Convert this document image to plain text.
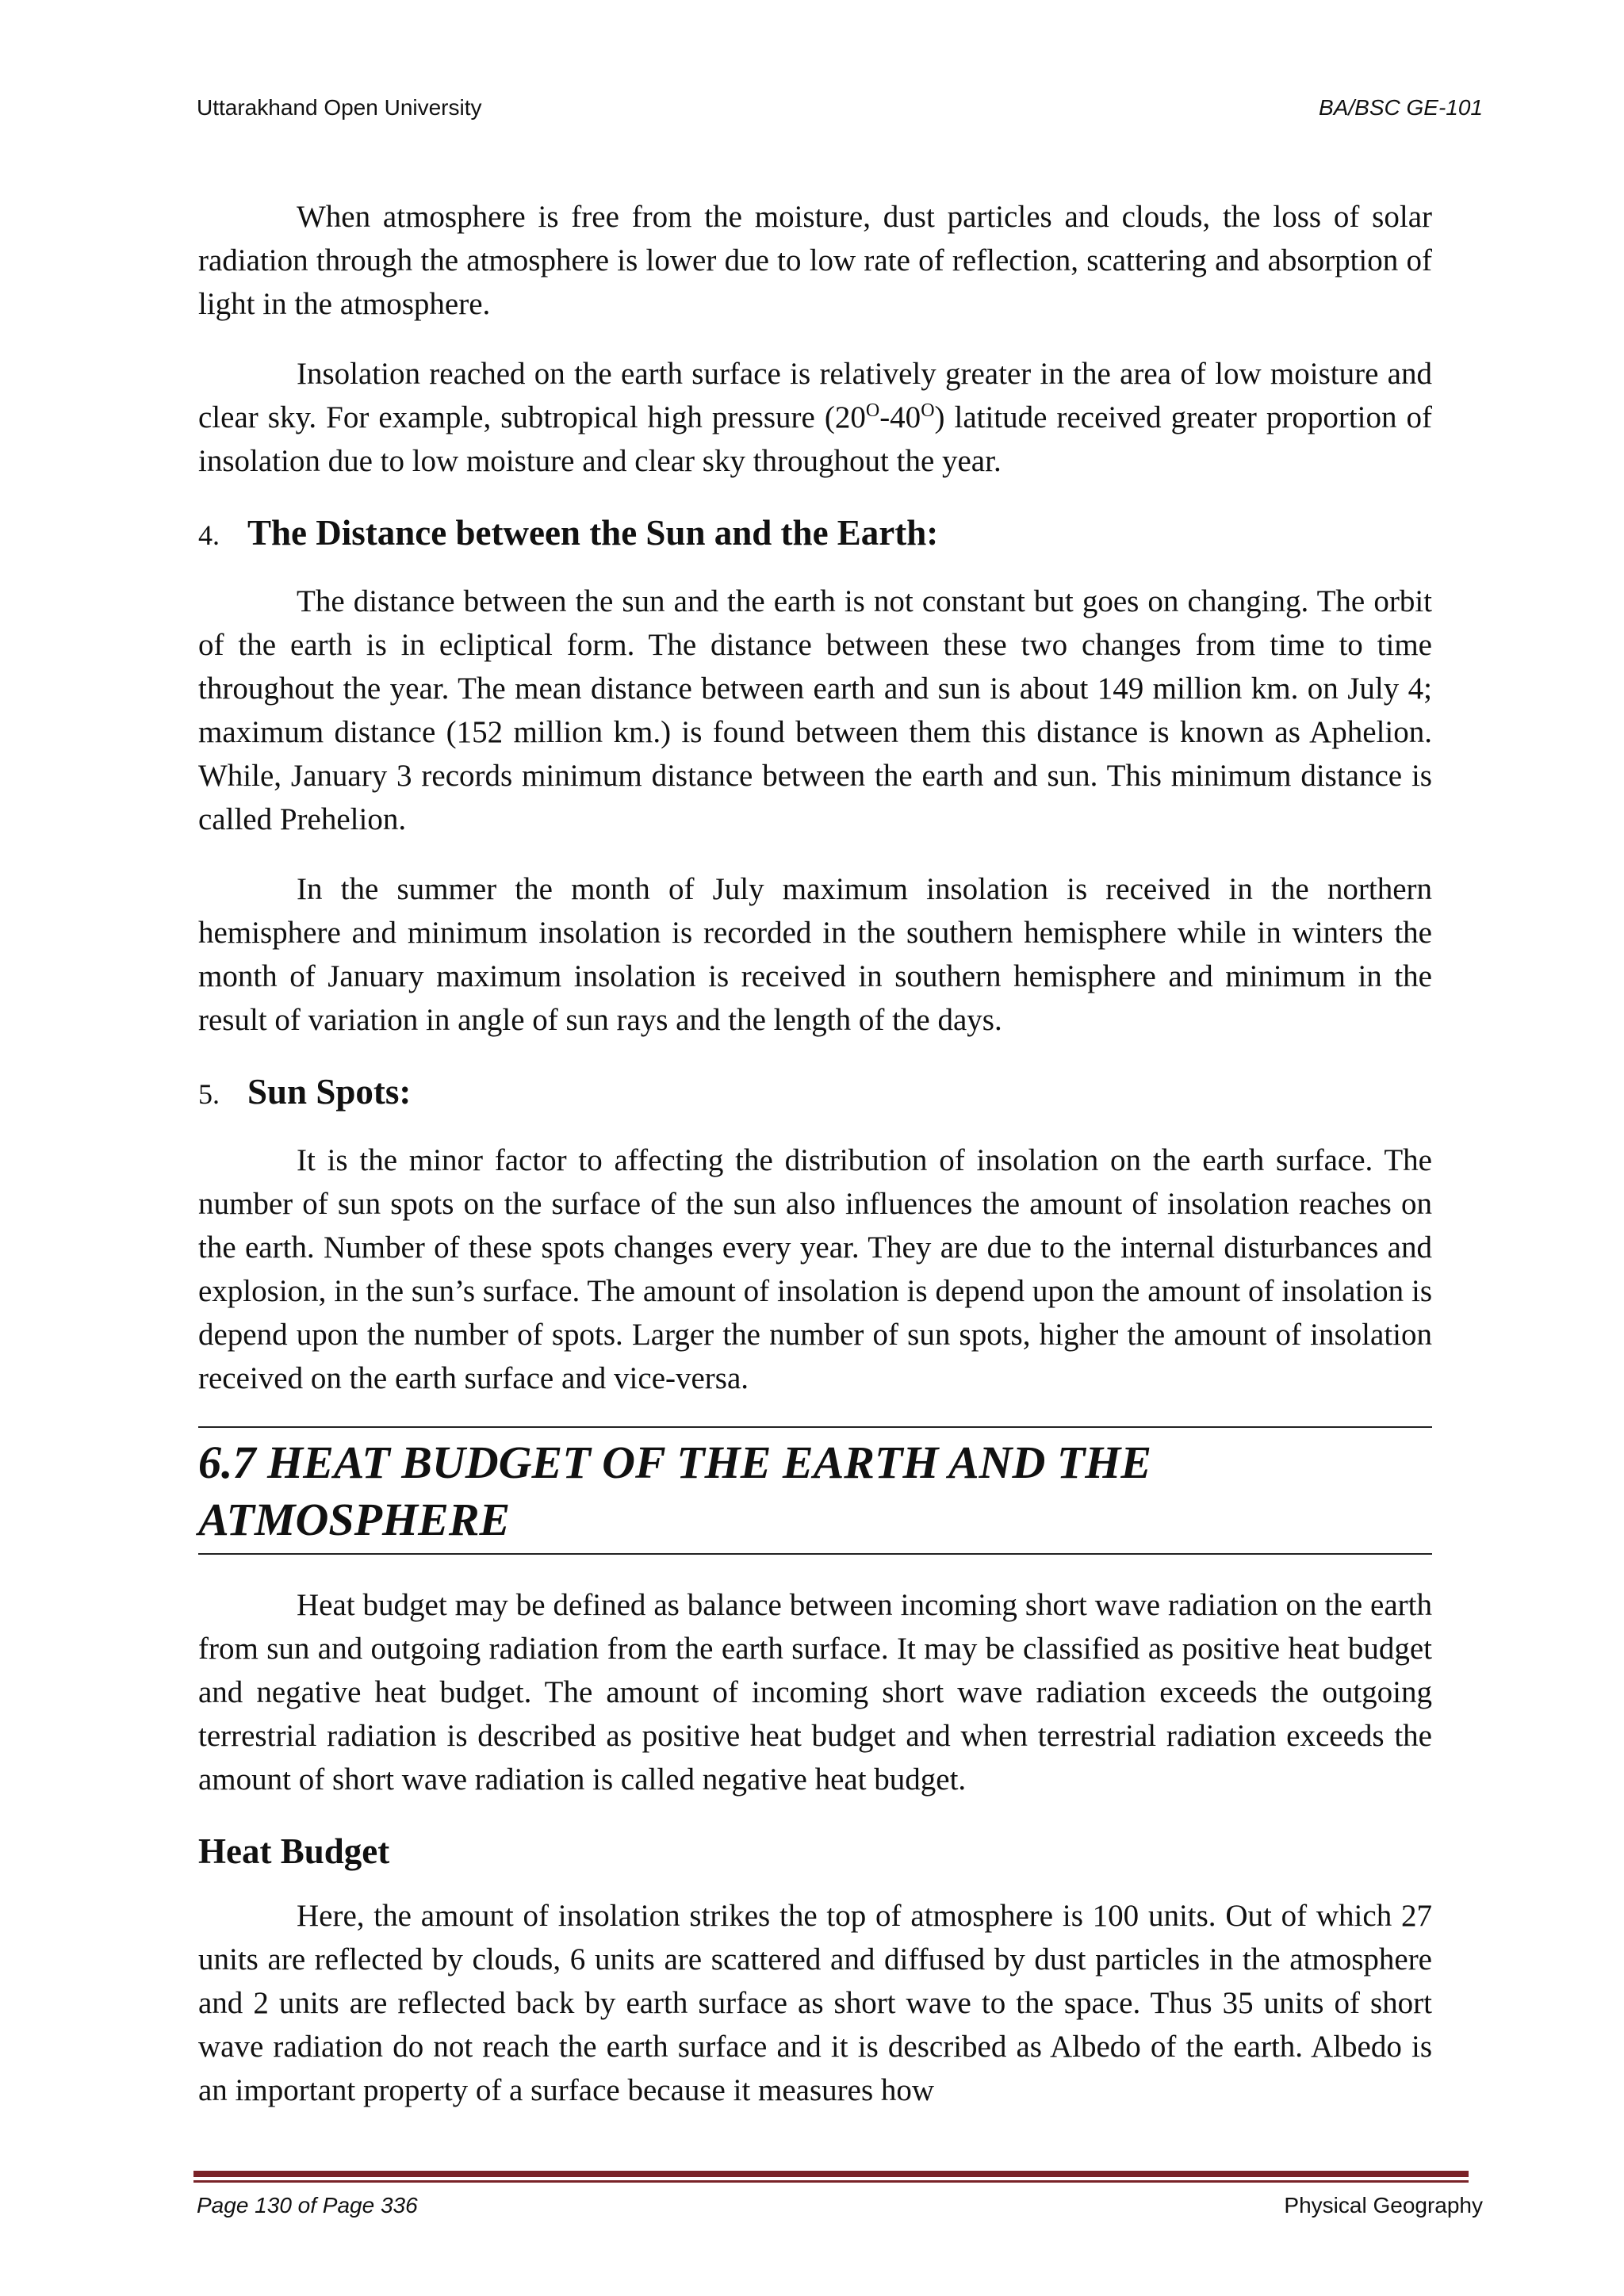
Uttarakhand Open University	BA/BSC GE-101

When atmosphere is free from the moisture, dust particles and clouds, the loss of solar radiation through the atmosphere is lower due to low rate of reflection, scattering and absorption of light in the atmosphere.

Insolation reached on the earth surface is relatively greater in the area of low moisture and clear sky. For example, subtropical high pressure $(20^O-40^O)$ latitude received greater proportion of insolation due to low moisture and clear sky throughout the year.

4. The Distance between the Sun and the Earth:

The distance between the sun and the earth is not constant but goes on changing. The orbit of the earth is in ecliptical form. The distance between these two changes from time to time throughout the year. The mean distance between earth and sun is about 149 million km. on July 4; maximum distance (152 million km.) is found between them this distance is known as Aphelion. While, January 3 records minimum distance between the earth and sun. This minimum distance is called Prehelion.

In the summer the month of July maximum insolation is received in the northern hemisphere and minimum insolation is recorded in the southern hemisphere while in winters the month of January maximum insolation is received in southern hemisphere and minimum in the result of variation in angle of sun rays and the length of the days.

5. Sun Spots:

It is the minor factor to affecting the distribution of insolation on the earth surface. The number of sun spots on the surface of the sun also influences the amount of insolation reaches on the earth. Number of these spots changes every year. They are due to the internal disturbances and explosion, in the sun’s surface. The amount of insolation is depend upon the amount of insolation is depend upon the number of spots. Larger the number of sun spots, higher the amount of insolation received on the earth surface and vice-versa.

6.7 HEAT BUDGET OF THE EARTH AND THE ATMOSPHERE

Heat budget may be defined as balance between incoming short wave radiation on the earth from sun and outgoing radiation from the earth surface. It may be classified as positive heat budget and negative heat budget. The amount of incoming short wave radiation exceeds the outgoing terrestrial radiation is described as positive heat budget and when terrestrial radiation exceeds the amount of short wave radiation is called negative heat budget.

Heat Budget

Here, the amount of insolation strikes the top of atmosphere is 100 units. Out of which 27 units are reflected by clouds, 6 units are scattered and diffused by dust particles in the atmosphere and 2 units are reflected back by earth surface as short wave to the space. Thus 35 units of short wave radiation do not reach the earth surface and it is described as Albedo of the earth. Albedo is an important property of a surface because it measures how

Page 130 of Page 336	Physical Geography
